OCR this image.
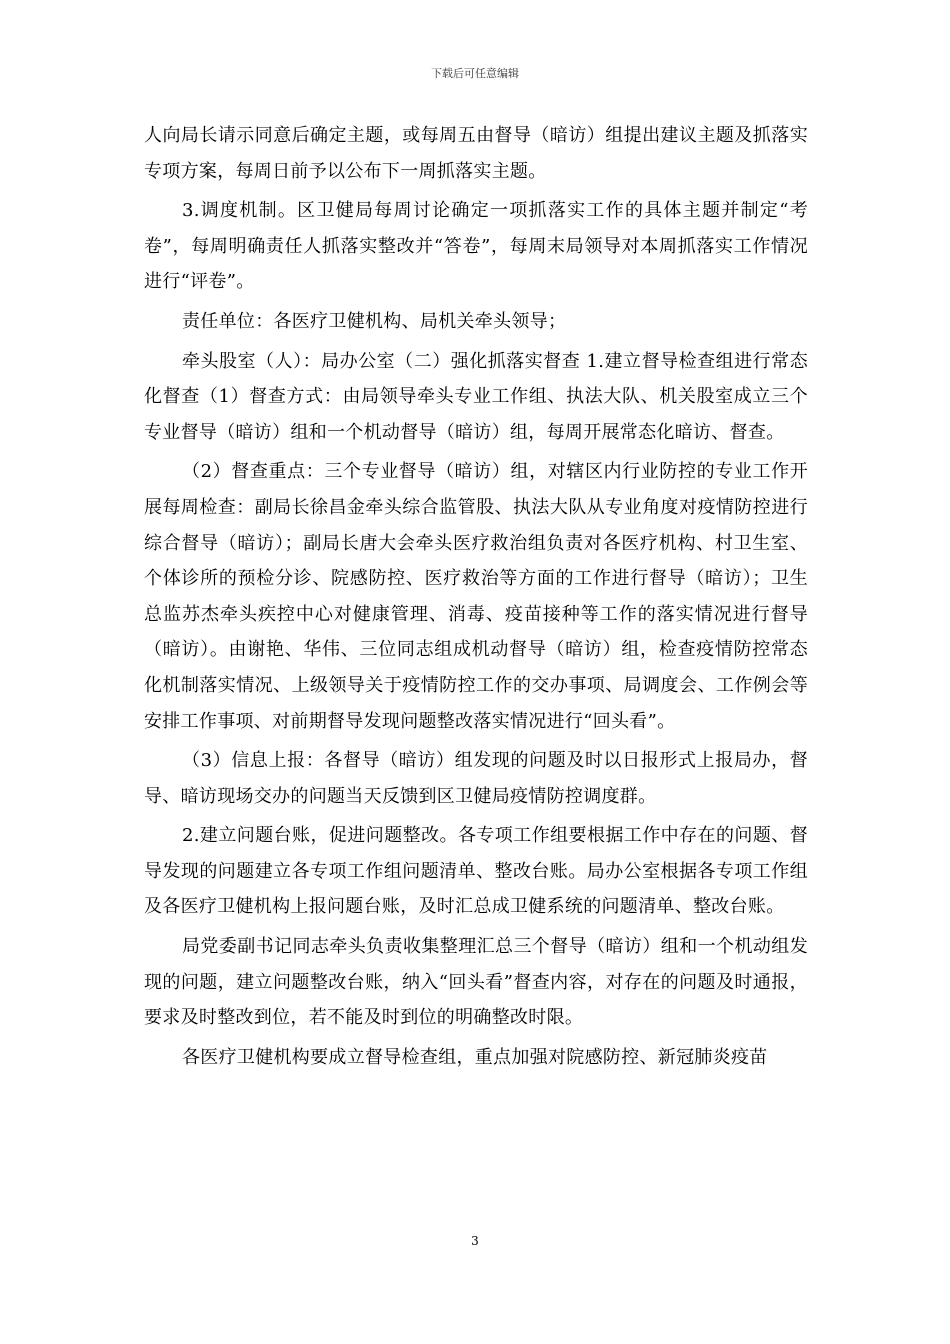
下载后可任意编辑

人向局长请示同意后确定主题，或每周五由督导（暗访）组提出建议主题及抓落实专项方案，每周日前予以公布下一周抓落实主题。

3.调度机制。区卫健局每周讨论确定一项抓落实工作的具体主题并制定“考卷”，每周明确责任人抓落实整改并“答卷”，每周末局领导对本周抓落实工作情况进行“评卷”。

责任单位：各医疗卫健机构、局机关牵头领导；

牵头股室（人）：局办公室（二）强化抓落实督查 1.建立督导检查组进行常态化督查（1）督查方式：由局领导牵头专业工作组、执法大队、机关股室成立三个专业督导（暗访）组和一个机动督导（暗访）组，每周开展常态化暗访、督查。

（2）督查重点：三个专业督导（暗访）组，对辖区内行业防控的专业工作开展每周检查：副局长徐昌金牵头综合监管股、执法大队从专业角度对疫情防控进行综合督导（暗访）；副局长唐大会牵头医疗救治组负责对各医疗机构、村卫生室、个体诊所的预检分诊、院感防控、医疗救治等方面的工作进行督导（暗访）；卫生总监苏杰牵头疾控中心对健康管理、消毒、疫苗接种等工作的落实情况进行督导（暗访）。由谢艳、华伟、三位同志组成机动督导（暗访）组，检查疫情防控常态化机制落实情况、上级领导关于疫情防控工作的交办事项、局调度会、工作例会等安排工作事项、对前期督导发现问题整改落实情况进行“回头看”。

（3）信息上报：各督导（暗访）组发现的问题及时以日报形式上报局办，督导、暗访现场交办的问题当天反馈到区卫健局疫情防控调度群。

2.建立问题台账，促进问题整改。各专项工作组要根据工作中存在的问题、督导发现的问题建立各专项工作组问题清单、整改台账。局办公室根据各专项工作组及各医疗卫健机构上报问题台账，及时汇总成卫健系统的问题清单、整改台账。

局党委副书记同志牵头负责收集整理汇总三个督导（暗访）组和一个机动组发现的问题，建立问题整改台账，纳入“回头看”督查内容，对存在的问题及时通报，要求及时整改到位，若不能及时到位的明确整改时限。

各医疗卫健机构要成立督导检查组，重点加强对院感防控、新冠肺炎疫苗

3
